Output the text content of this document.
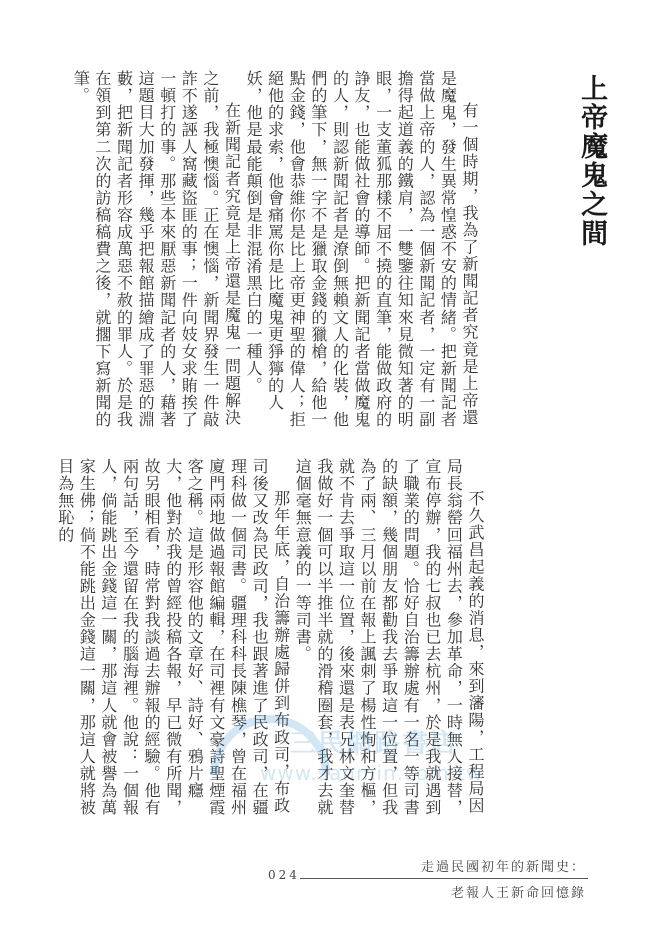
上帝魔鬼之間

有一個時期，我為了新聞記者究竟是上帝還是魔鬼，發生異常惶惑不安的情緒。把新聞記者當做上帝的人，認為一個新聞記者，一定有一副擔得起道義的鐵肩，一雙鑒往知來見微知著的明眼，一支董狐那樣不屈不撓的直筆，能做政府的諍友，也能做社會的導師。把新聞記者當做魔鬼的人，則認新聞記者是潦倒無賴文人的化裝，他們的筆下，無一字不是獵取金錢的獵槍，給他一點金錢，他會恭維你是比上帝更神聖的偉人；拒絕他的求索，他會痛罵你是比魔鬼更猙獰的人妖，他是最能顛倒是非混淆黑白的一種人。

在新聞記者究竟是上帝還是魔鬼一問題解決之前，我極懊惱。正在懊惱，新聞界發生一件敲詐不遂誣人窩藏盜匪的事；一件向妓女求賄挨了一頓打的事。那些本來厭惡新聞記者的人，藉著這題目大加發揮，幾乎把報館描繪成了罪惡的淵藪，把新聞記者形容成萬惡不赦的罪人。於是我在領到第二次的訪稿稿費之後，就擱下寫新聞的筆。

不久武昌起義的消息，來到瀋陽，工程局因局長翁罃回福州去，參加革命，一時無人接替，宣布停辦，我的七叔也已去杭州，於是我就遇到了職業的問題。恰好自治籌辦處有一名一等司書的缺額，幾個朋友都勸我去爭取這一位置，但我為了兩、三月以前在報上諷刺了楊性恂和方樞，就不肯去爭取這一位置，後來還是表兄林文奎替我做好一個可以半推半就的滑稽圈套，我才去就這個毫無意義的一等司書。

那年年底，自治籌辦處歸併到布政司，布政司後又改為民政司，我也跟著進了民政司，在疆理科做一個司書。疆理科科長陳樵琴，曾在福州廈門兩地做過報館編輯，在司裡有文豪詩聖煙霞客之稱。這是形容他的文章好、詩好、鴉片癮大，他對於我的曾經投稿各報，早已微有所聞，故另眼相看，時常對我談過去辦報的經驗。他有兩句話，至今還留在我的腦海裡。他說：一個報人，倘能跳出金錢這一關，那這人就會被譽為萬家生佛；倘不能跳出金錢這一關，那這人就將被目為無恥的

三民網路書店
www.sanmin.com.tw
024	走過民國初年的新聞史：
老報人王新命回憶錄
